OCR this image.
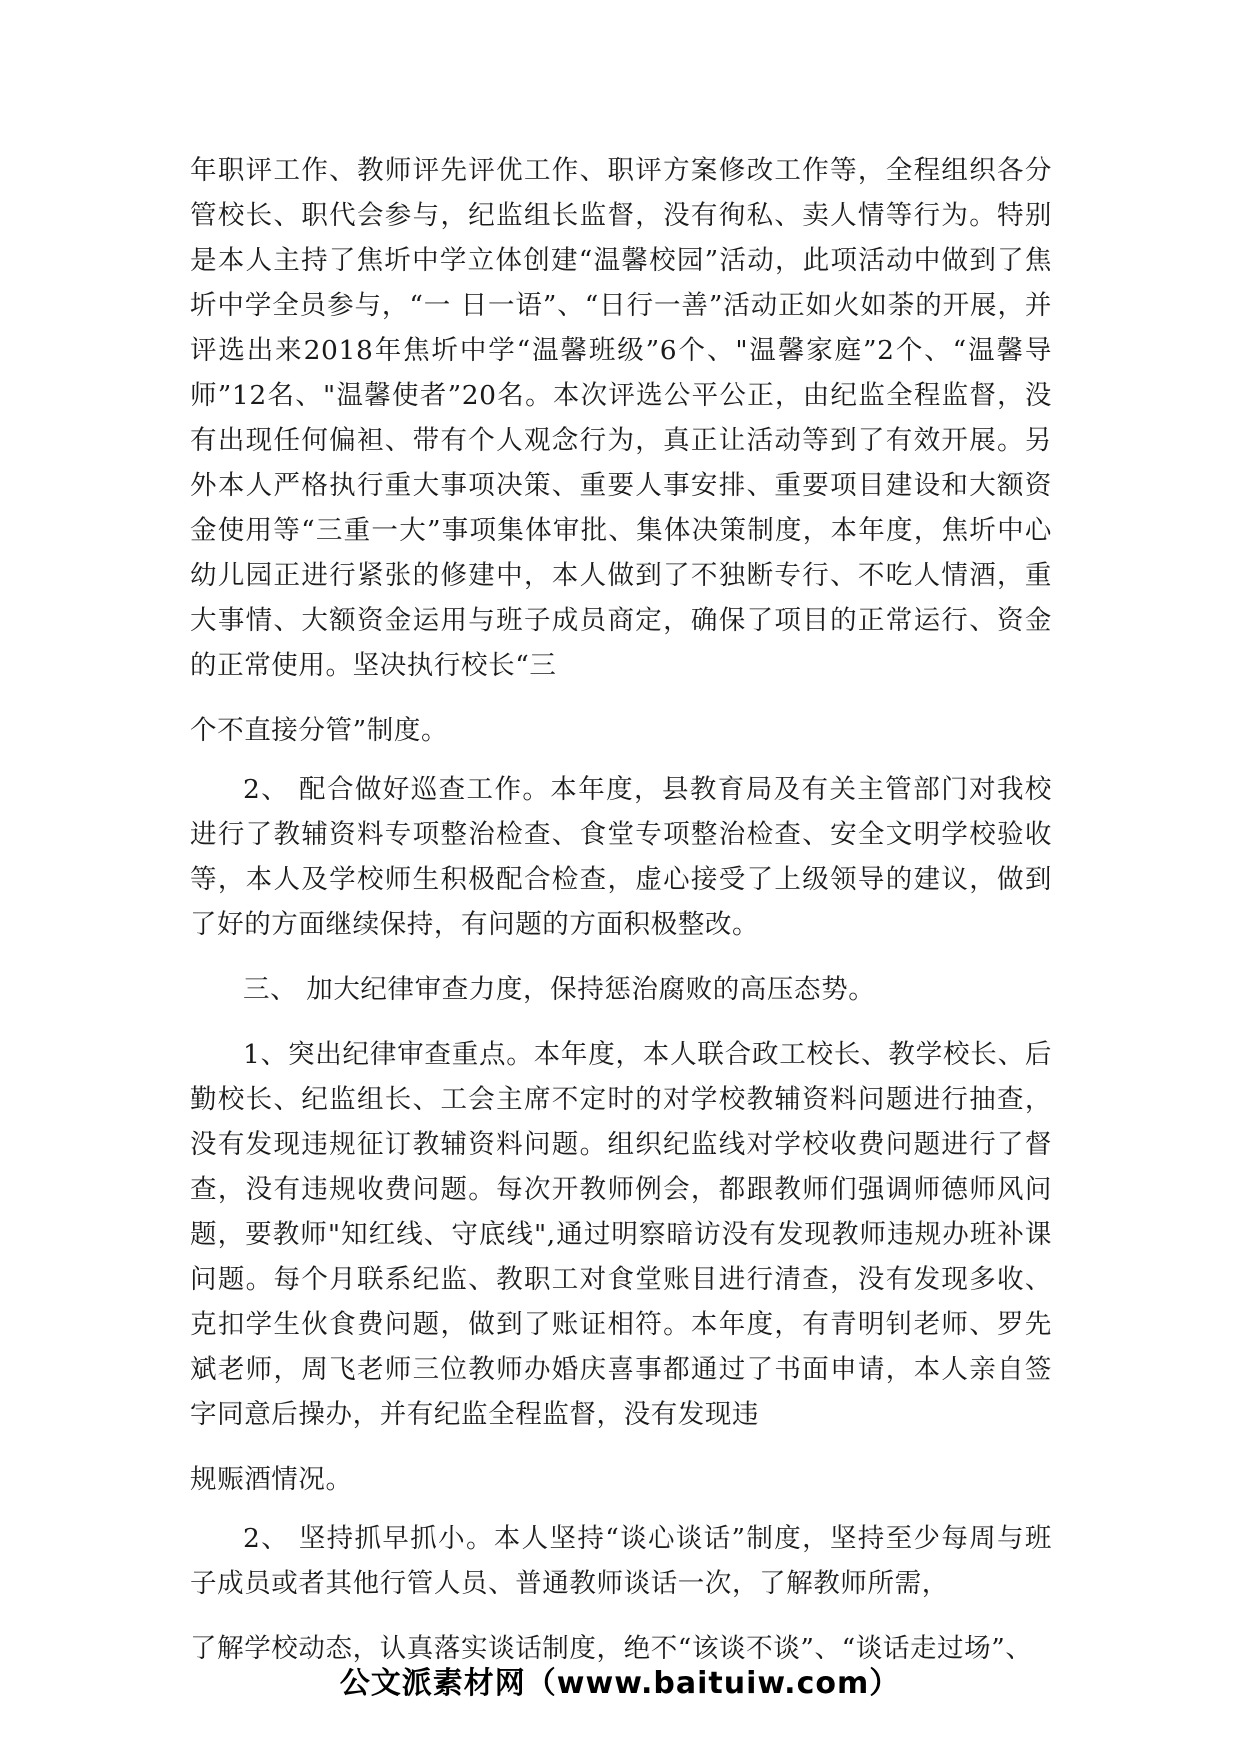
年职评工作、教师评先评优工作、职评方案修改工作等，全程组织各分管校长、职代会参与，纪监组长监督，没有徇私、卖人情等行为。特别是本人主持了焦圻中学立体创建“温馨校园”活动，此项活动中做到了焦圻中学全员参与，“一 日一语”、“日行一善”活动正如火如荼的开展，并评选出来2018年焦圻中学“温馨班级”6个、"温馨家庭”2个、“温馨导师”12名、"温馨使者”20名。本次评选公平公正，由纪监全程监督，没有出现任何偏袒、带有个人观念行为，真正让活动等到了有效开展。另外本人严格执行重大事项决策、重要人事安排、重要项目建设和大额资金使用等“三重一大”事项集体审批、集体决策制度，本年度，焦圻中心幼儿园正进行紧张的修建中，本人做到了不独断专行、不吃人情酒，重大事情、大额资金运用与班子成员商定，确保了项目的正常运行、资金的正常使用。坚决执行校长“三
个不直接分管”制度。

2、 配合做好巡查工作。本年度，县教育局及有关主管部门对我校进行了教辅资料专项整治检查、食堂专项整治检查、安全文明学校验收等，本人及学校师生积极配合检查，虚心接受了上级领导的建议，做到了好的方面继续保持，有问题的方面积极整改。

三、 加大纪律审查力度，保持惩治腐败的高压态势。

1、突出纪律审查重点。本年度，本人联合政工校长、教学校长、后勤校长、纪监组长、工会主席不定时的对学校教辅资料问题进行抽查，没有发现违规征订教辅资料问题。组织纪监线对学校收费问题进行了督查，没有违规收费问题。每次开教师例会，都跟教师们强调师德师风问题，要教师"知红线、守底线",通过明察暗访没有发现教师违规办班补课问题。每个月联系纪监、教职工对食堂账目进行清查，没有发现多收、克扣学生伙食费问题，做到了账证相符。本年度，有青明钊老师、罗先斌老师，周飞老师三位教师办婚庆喜事都通过了书面申请，本人亲自签字同意后操办，并有纪监全程监督，没有发现违
规赈酒情况。

2、 坚持抓早抓小。本人坚持“谈心谈话”制度，坚持至少每周与班子成员或者其他行管人员、普通教师谈话一次，了解教师所需，
了解学校动态，认真落实谈话制度，绝不“该谈不谈”、“谈话走过场”、

公文派素材网（www.baituiw.com）
